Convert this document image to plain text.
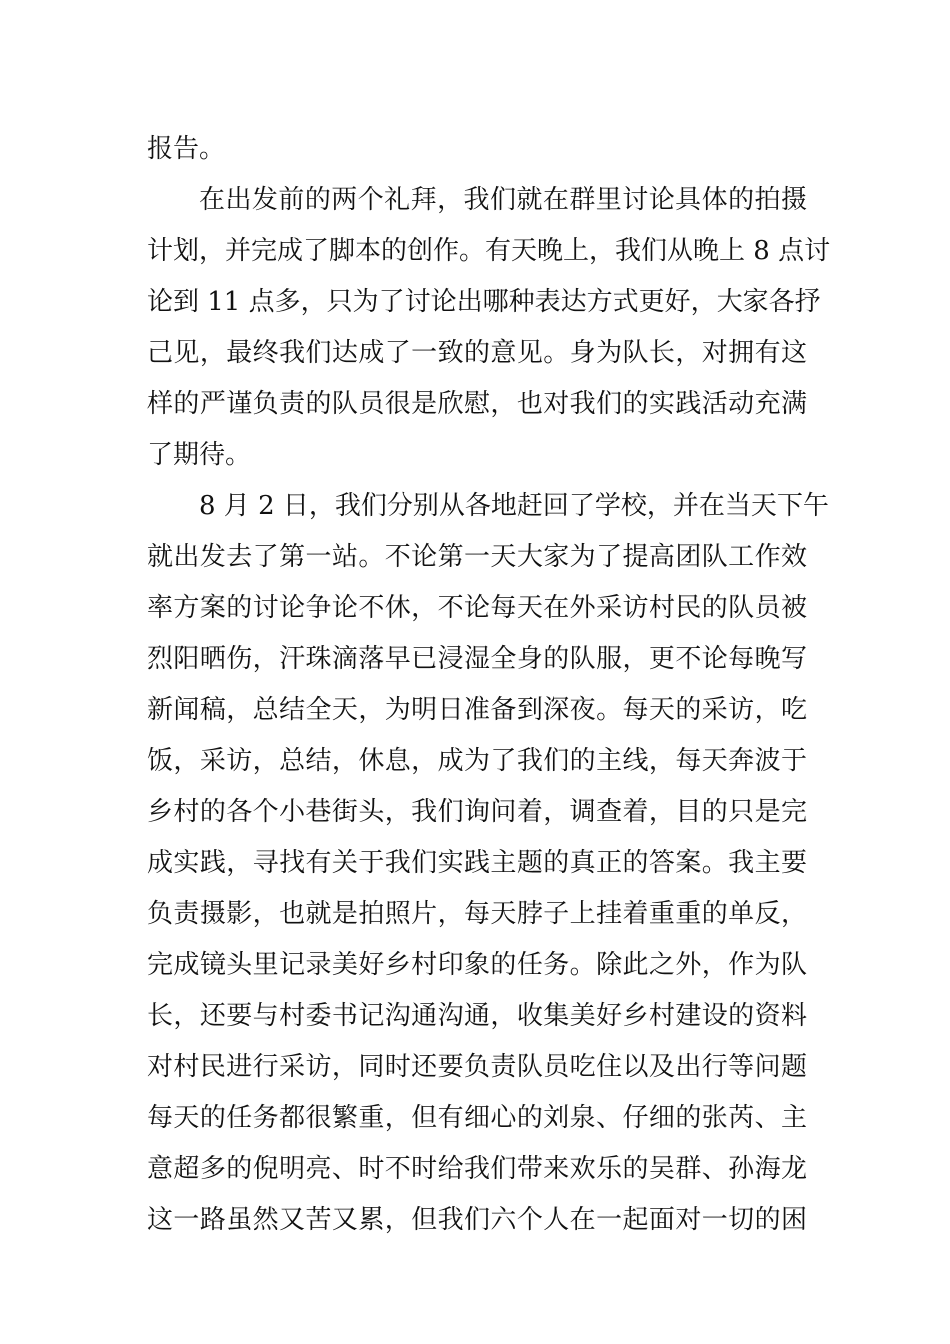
报告。
在出发前的两个礼拜，我们就在群里讨论具体的拍摄
计划，并完成了脚本的创作。有天晚上，我们从晚上 8 点讨
论到 11 点多，只为了讨论出哪种表达方式更好，大家各抒
己见，最终我们达成了一致的意见。身为队长，对拥有这
样的严谨负责的队员很是欣慰，也对我们的实践活动充满
了期待。
8 月 2 日，我们分别从各地赶回了学校，并在当天下午
就出发去了第一站。不论第一天大家为了提高团队工作效
率方案的讨论争论不休，不论每天在外采访村民的队员被
烈阳晒伤，汗珠滴落早已浸湿全身的队服，更不论每晚写
新闻稿，总结全天，为明日准备到深夜。每天的采访，吃
饭，采访，总结，休息，成为了我们的主线，每天奔波于
乡村的各个小巷街头，我们询问着，调查着，目的只是完
成实践，寻找有关于我们实践主题的真正的答案。我主要
负责摄影，也就是拍照片，每天脖子上挂着重重的单反，
完成镜头里记录美好乡村印象的任务。除此之外，作为队
长，还要与村委书记沟通沟通，收集美好乡村建设的资料
对村民进行采访，同时还要负责队员吃住以及出行等问题
每天的任务都很繁重，但有细心的刘泉、仔细的张芮、主
意超多的倪明亮、时不时给我们带来欢乐的吴群、孙海龙
这一路虽然又苦又累，但我们六个人在一起面对一切的困
